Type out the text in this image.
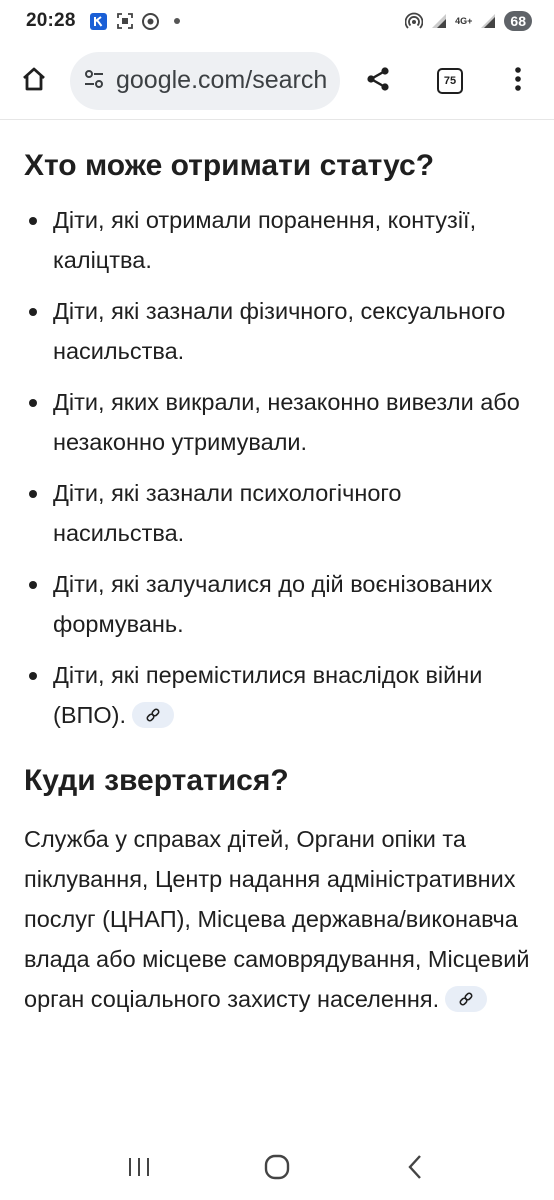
20:28	4G+	68
google.com/search	75
Хто може отримати статус?
Діти, які отримали поранення, контузії, каліцтва.
Діти, які зазнали фізичного, сексуального насильства.
Діти, яких викрали, незаконно вивезли або незаконно утримували.
Діти, які зазнали психологічного насильства.
Діти, які залучалися до дій воєнізованих формувань.
Діти, які перемістилися внаслідок війни (ВПО).
Куди звертатися?

Служба у справах дітей, Органи опіки та піклування, Центр надання адміністративних послуг (ЦНАП), Місцева державна/виконавча влада або місцеве самоврядування, Місцевий орган соціального захисту населення.
